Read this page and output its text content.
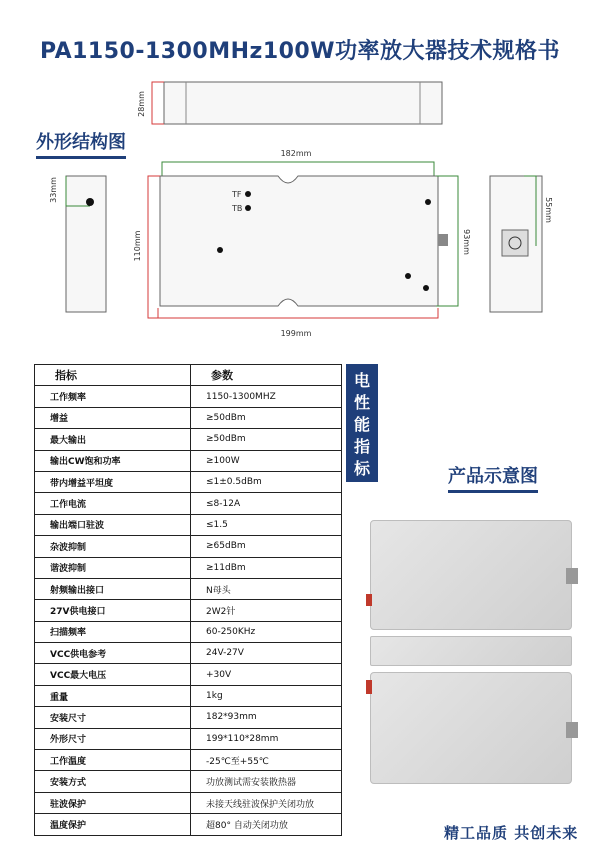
PA1150-1300MHz100W功率放大器技术规格书
28mm
外形结构图
33mm
182mm
TF
TB
93mm
110mm
199mm
55mm
指标	参数
工作频率	1150-1300MHZ
增益	≥50dBm
最大输出	≥50dBm
输出CW饱和功率	≥100W
带内增益平坦度	≤1±0.5dBm
工作电流	≤8-12A
输出端口驻波	≤1.5
杂波抑制	≥65dBm
谐波抑制	≥11dBm
射频输出接口	N母头
27V供电接口	2W2针
扫描频率	60-250KHz
VCC供电参考	24V-27V
VCC最大电压	+30V
重量	1kg
安装尺寸	182*93mm
外形尺寸	199*110*28mm
工作温度	-25℃至+55℃
安装方式	功放测试需安装散热器
驻波保护	未接天线驻波保护关闭功放
温度保护	超80° 自动关闭功放
电
性
能
指
标	产品示意图
精工品质 共创未来
